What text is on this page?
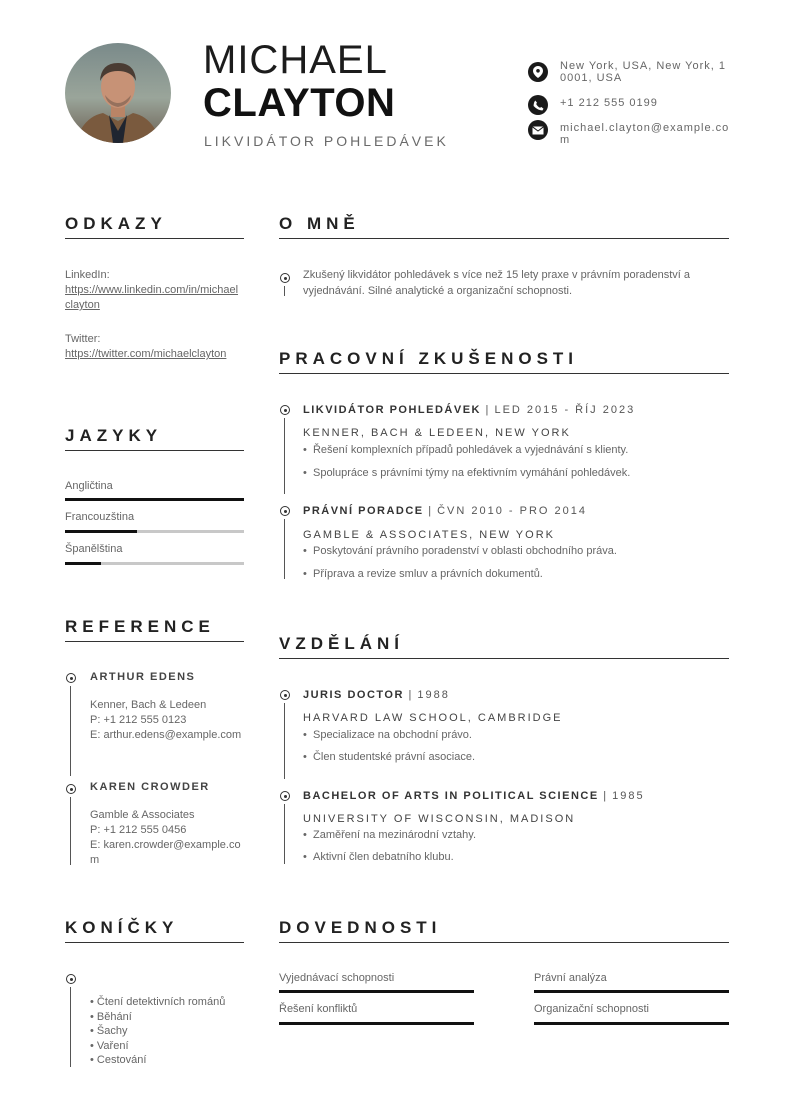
MICHAEL
CLAYTON
LIKVIDÁTOR POHLEDÁVEK
New York, USA, New York, 10001, USA
+1 212 555 0199
michael.clayton@example.com
ODKAZY
LinkedIn:
https://www.linkedin.com/in/michaelclayton
Twitter:
https://twitter.com/michaelclayton
JAZYKY
Angličtina
Francouzština
Španělština
REFERENCE
ARTHUR EDENS
Kenner, Bach & Ledeen
P: +1 212 555 0123
E: arthur.edens@example.com
KAREN CROWDER
Gamble & Associates
P: +1 212 555 0456
E: karen.crowder@example.com
KONÍČKY
• Čtení detektivních románů
• Běhání
• Šachy
• Vaření
• Cestování
O MNĚ
Zkušený likvidátor pohledávek s více než 15 lety praxe v právním poradenství a vyjednávání. Silné analytické a organizační schopnosti.
PRACOVNÍ ZKUŠENOSTI
LIKVIDÁTOR POHLEDÁVEK | LED 2015 - ŘÍJ 2023
KENNER, BACH & LEDEEN, NEW YORK
• Řešení komplexních případů pohledávek a vyjednávání s klienty.
• Spolupráce s právními týmy na efektivním vymáhání pohledávek.
PRÁVNÍ PORADCE | ČVN 2010 - PRO 2014
GAMBLE & ASSOCIATES, NEW YORK
• Poskytování právního poradenství v oblasti obchodního práva.
• Příprava a revize smluv a právních dokumentů.
VZDĚLÁNÍ
JURIS DOCTOR | 1988
HARVARD LAW SCHOOL, CAMBRIDGE
• Specializace na obchodní právo.
• Člen studentské právní asociace.
BACHELOR OF ARTS IN POLITICAL SCIENCE | 1985
UNIVERSITY OF WISCONSIN, MADISON
• Zaměření na mezinárodní vztahy.
• Aktivní člen debatního klubu.
DOVEDNOSTI
Vyjednávací schopnosti	Právní analýza
Řešení konfliktů	Organizační schopnosti
